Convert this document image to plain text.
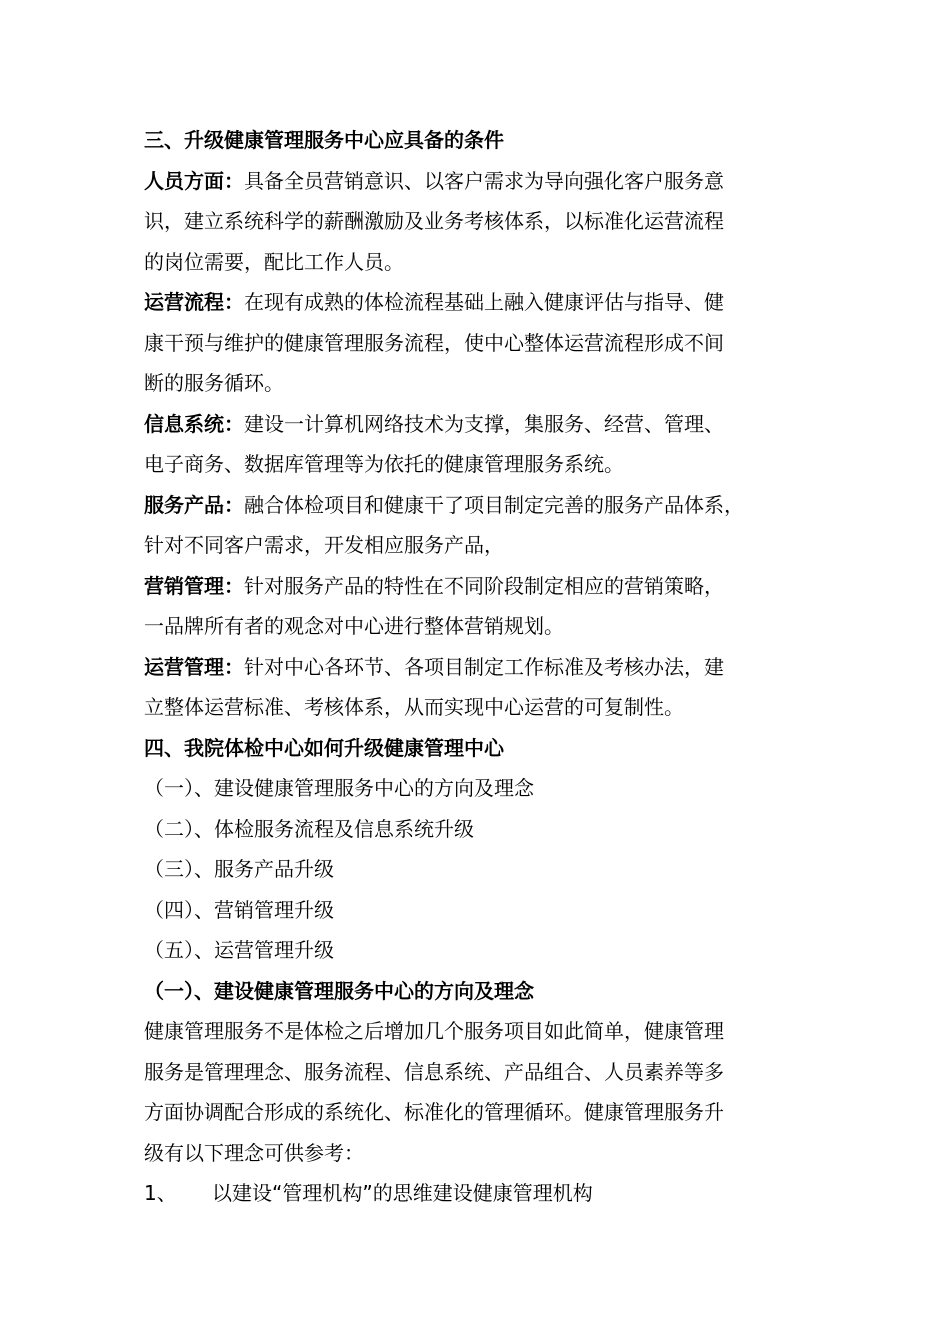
三、升级健康管理服务中心应具备的条件
人员方面：具备全员营销意识、以客户需求为导向强化客户服务意
识，建立系统科学的薪酬激励及业务考核体系，以标准化运营流程
的岗位需要，配比工作人员。
运营流程：在现有成熟的体检流程基础上融入健康评估与指导、健
康干预与维护的健康管理服务流程，使中心整体运营流程形成不间
断的服务循环。
信息系统：建设一计算机网络技术为支撑，集服务、经营、管理、
电子商务、数据库管理等为依托的健康管理服务系统。
服务产品：融合体检项目和健康干了项目制定完善的服务产品体系，
针对不同客户需求，开发相应服务产品，
营销管理：针对服务产品的特性在不同阶段制定相应的营销策略，
一品牌所有者的观念对中心进行整体营销规划。
运营管理：针对中心各环节、各项目制定工作标准及考核办法，建
立整体运营标准、考核体系，从而实现中心运营的可复制性。
四、我院体检中心如何升级健康管理中心
（一）、建设健康管理服务中心的方向及理念
（二）、体检服务流程及信息系统升级
（三）、服务产品升级
（四）、营销管理升级
（五）、运营管理升级
（一）、建设健康管理服务中心的方向及理念
健康管理服务不是体检之后增加几个服务项目如此简单，健康管理
服务是管理理念、服务流程、信息系统、产品组合、人员素养等多
方面协调配合形成的系统化、标准化的管理循环。健康管理服务升
级有以下理念可供参考：
1、	以建设“管理机构”的思维建设健康管理机构
